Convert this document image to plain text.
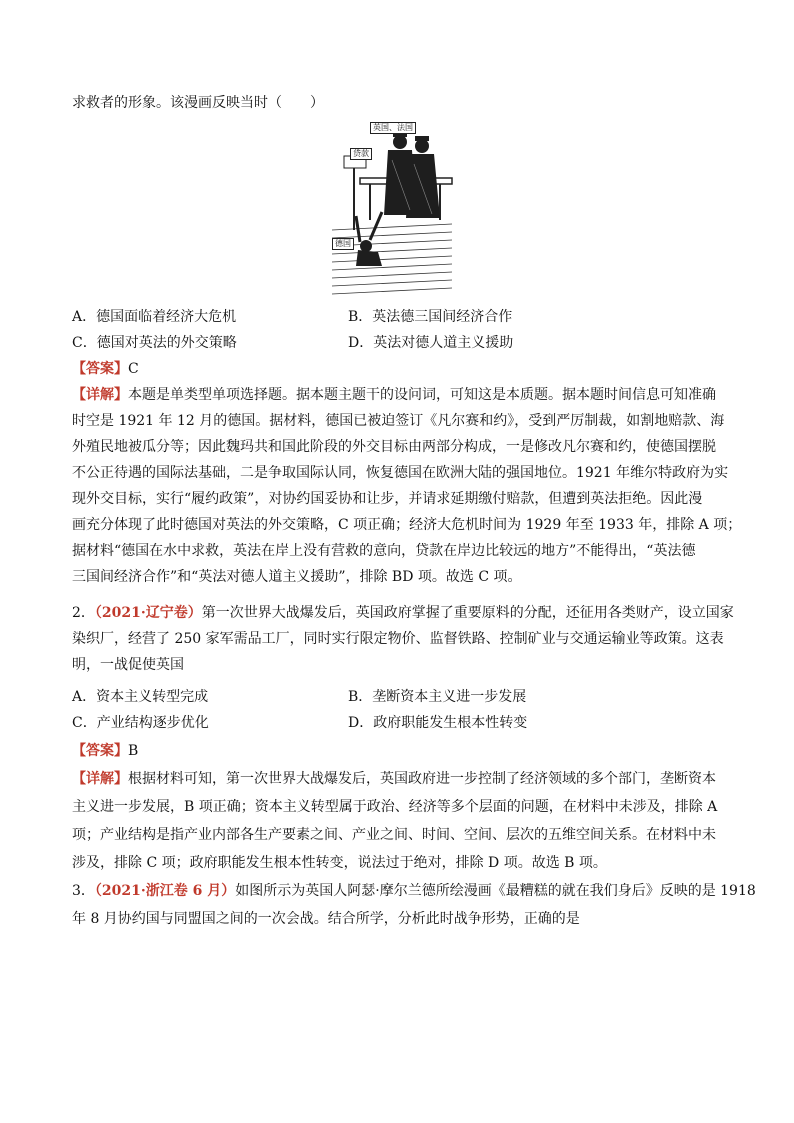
求救者的形象。该漫画反映当时（　　）
英国、法国
贷款
德国
A．德国面临着经济大危机	B．英法德三国间经济合作
C．德国对英法的外交策略	D．英法对德人道主义援助
【答案】C
【详解】本题是单类型单项选择题。据本题主题干的设问词，可知这是本质题。据本题时间信息可知准确
时空是 1921 年 12 月的德国。据材料，德国已被迫签订《凡尔赛和约》，受到严厉制裁，如割地赔款、海
外殖民地被瓜分等；因此魏玛共和国此阶段的外交目标由两部分构成，一是修改凡尔赛和约，使德国摆脱
不公正待遇的国际法基础，二是争取国际认同，恢复德国在欧洲大陆的强国地位。1921 年维尔特政府为实
现外交目标，实行“履约政策”，对协约国妥协和让步，并请求延期缴付赔款，但遭到英法拒绝。因此漫
画充分体现了此时德国对英法的外交策略，C 项正确；经济大危机时间为 1929 年至 1933 年，排除 A 项；
据材料“德国在水中求救，英法在岸上没有营救的意向，贷款在岸边比较远的地方”不能得出，“英法德
三国间经济合作”和“英法对德人道主义援助”，排除 BD 项。故选 C 项。
2．（2021·辽宁卷）第一次世界大战爆发后，英国政府掌握了重要原料的分配，还征用各类财产，设立国家
染织厂，经营了 250 家军需品工厂，同时实行限定物价、监督铁路、控制矿业与交通运输业等政策。这表
明，一战促使英国
A．资本主义转型完成	B．垄断资本主义进一步发展
C．产业结构逐步优化	D．政府职能发生根本性转变
【答案】B
【详解】根据材料可知，第一次世界大战爆发后，英国政府进一步控制了经济领域的多个部门，垄断资本
主义进一步发展，B 项正确；资本主义转型属于政治、经济等多个层面的问题，在材料中未涉及，排除 A
项；产业结构是指产业内部各生产要素之间、产业之间、时间、空间、层次的五维空间关系。在材料中未
涉及，排除 C 项；政府职能发生根本性转变，说法过于绝对，排除 D 项。故选 B 项。
3．（2021·浙江卷 6 月）如图所示为英国人阿瑟·摩尔兰德所绘漫画《最糟糕的就在我们身后》反映的是 1918
年 8 月协约国与同盟国之间的一次会战。结合所学，分析此时战争形势，正确的是
